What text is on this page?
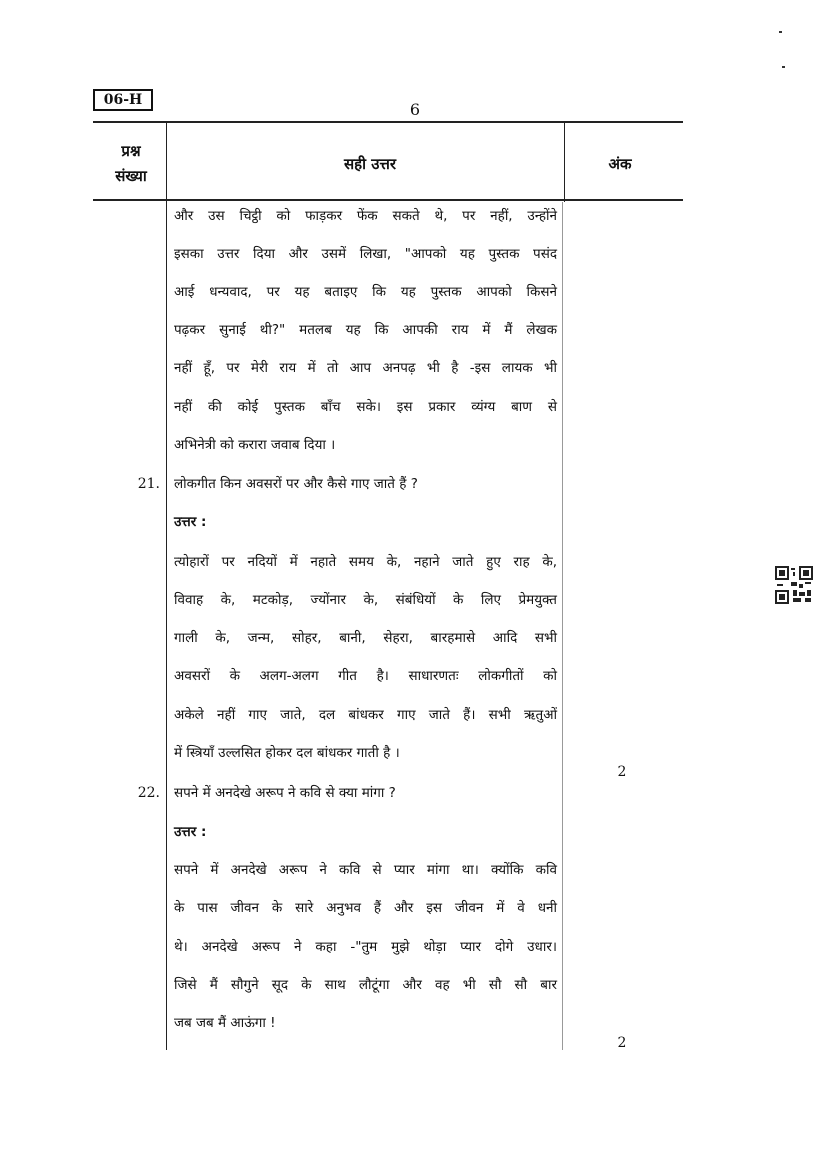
06-H	6
प्रश्न
संख्या
सही उत्तर	अंक
और उस चिट्ठी को फाड़कर फेंक सकते थे, पर नहीं, उन्होंने
इसका उत्तर दिया और उसमें लिखा, "आपको यह पुस्तक पसंद
आई धन्यवाद, पर यह बताइए कि यह पुस्तक आपको किसने
पढ़कर सुनाई थी?" मतलब यह कि आपकी राय में मैं लेखक
नहीं हूँ, पर मेरी राय में तो आप अनपढ़ भी है -इस लायक भी
नहीं की कोई पुस्तक बाँच सके। इस प्रकार व्यंग्य बाण से
अभिनेत्री को करारा जवाब दिया ।
21. लोकगीत किन अवसरों पर और कैसे गाए जाते हैं ?
उत्तर :
त्योहारों पर नदियों में नहाते समय के, नहाने जाते हुए राह के,
विवाह के, मटकोड़, ज्योंनार के, संबंधियों के लिए प्रेमयुक्त
गाली के, जन्म, सोहर, बानी, सेहरा, बारहमासे आदि सभी
अवसरों के अलग-अलग गीत है। साधारणतः लोकगीतों को
अकेले नहीं गाए जाते, दल बांधकर गाए जाते हैं। सभी ऋतुओं
में स्त्रियाँ उल्लसित होकर दल बांधकर गाती है ।
2
22. सपने में अनदेखे अरूप ने कवि से क्या मांगा ?
उत्तर :
सपने में अनदेखे अरूप ने कवि से प्यार मांगा था। क्योंकि कवि
के पास जीवन के सारे अनुभव हैं और इस जीवन में वे धनी
थे। अनदेखे अरूप ने कहा -"तुम मुझे थोड़ा प्यार दोगे उधार।
जिसे मैं सौगुने सूद के साथ लौटूंगा और वह भी सौ सौ बार
जब जब मैं आऊंगा !
2
